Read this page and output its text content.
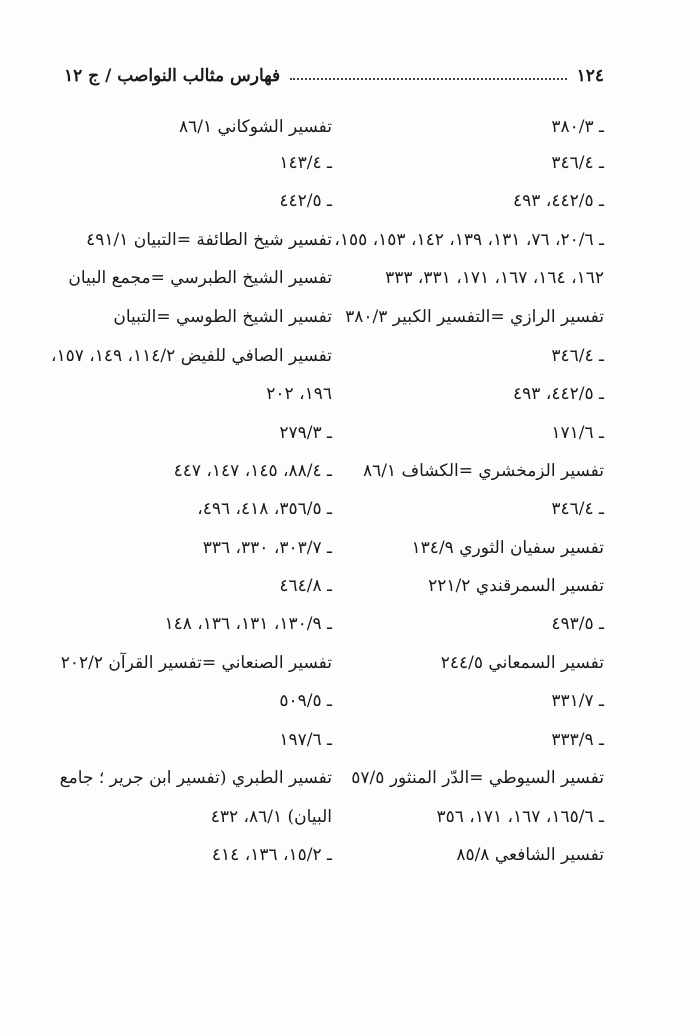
١٢٤
فهارس مثالب النواصب / ج ١٢
ـ ٣٨٠/٣
ـ ٣٤٦/٤
ـ ٤٤٢/٥، ٤٩٣
ـ ٢٠/٦، ٧٦، ١٣١، ١٣٩، ١٤٢، ١٥٣، ١٥٥،
١٦٢، ١٦٤، ١٦٧، ١٧١، ٣٣١، ٣٣٣
تفسير الرازي =التفسير الكبير ٣٨٠/٣
ـ ٣٤٦/٤
ـ ٤٤٢/٥، ٤٩٣
ـ ١٧١/٦
تفسير الزمخشري =الكشاف ٨٦/١
ـ ٣٤٦/٤
تفسير سفيان الثوري ١٣٤/٩
تفسير السمرقندي ٢٢١/٢
ـ ٤٩٣/٥
تفسير السمعاني ٢٤٤/٥
ـ ٣٣١/٧
ـ ٣٣٣/٩
تفسير السيوطي =الدّر المنثور ٥٧/٥
ـ ١٦٥/٦، ١٦٧، ١٧١، ٣٥٦
تفسير الشافعي ٨٥/٨
تفسير الشوكاني ٨٦/١
ـ ١٤٣/٤
ـ ٤٤٢/٥
تفسير شيخ الطائفة =التبيان ٤٩١/١
تفسير الشيخ الطبرسي =مجمع البيان
تفسير الشيخ الطوسي =التبيان
تفسير الصافي للفيض ١١٤/٢، ١٤٩، ١٥٧،
١٩٦، ٢٠٢
ـ ٢٧٩/٣
ـ ٨٨/٤، ١٤٥، ١٤٧، ٤٤٧
ـ ٣٥٦/٥، ٤١٨، ٤٩٦،
ـ ٣٠٣/٧، ٣٣٠، ٣٣٦
ـ ٤٦٤/٨
ـ ١٣٠/٩، ١٣١، ١٣٦، ١٤٨
تفسير الصنعاني =تفسير القرآن ٢٠٢/٢
ـ ٥٠٩/٥
ـ ١٩٧/٦
تفسير الطبري (تفسير ابن جرير ؛ جامع
البيان) ٨٦/١، ٤٣٢
ـ ١٥/٢، ١٣٦، ٤١٤
